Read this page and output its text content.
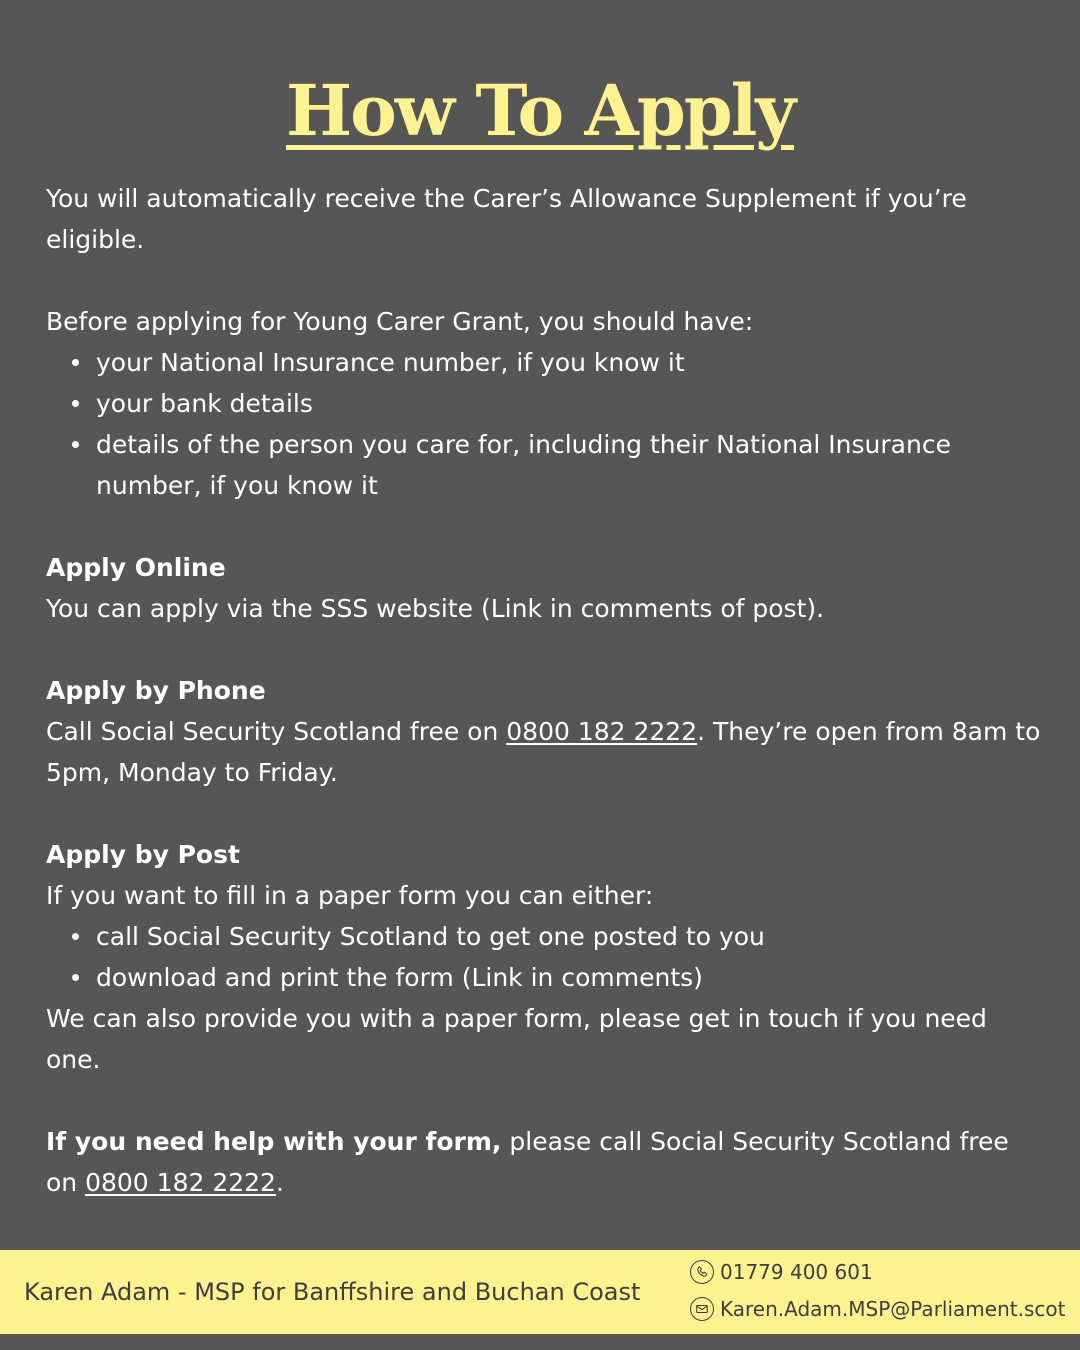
How To Apply

You will automatically receive the Carer’s Allowance Supplement if you’re eligible.

Before applying for Young Carer Grant, you should have:

your National Insurance number, if you know it
your bank details
details of the person you care for, including their National Insurance number, if you know it

Apply Online

You can apply via the SSS website (Link in comments of post).

Apply by Phone

Call Social Security Scotland free on 0800 182 2222. They’re open from 8am to 5pm, Monday to Friday.

Apply by Post

If you want to fill in a paper form you can either:

call Social Security Scotland to get one posted to you
download and print the form (Link in comments)

We can also provide you with a paper form, please get in touch if you need one.

If you need help with your form, please call Social Security Scotland free on 0800 182 2222.

Karen Adam - MSP for Banffshire and Buchan Coast
01779 400 601
Karen.Adam.MSP@Parliament.scot
